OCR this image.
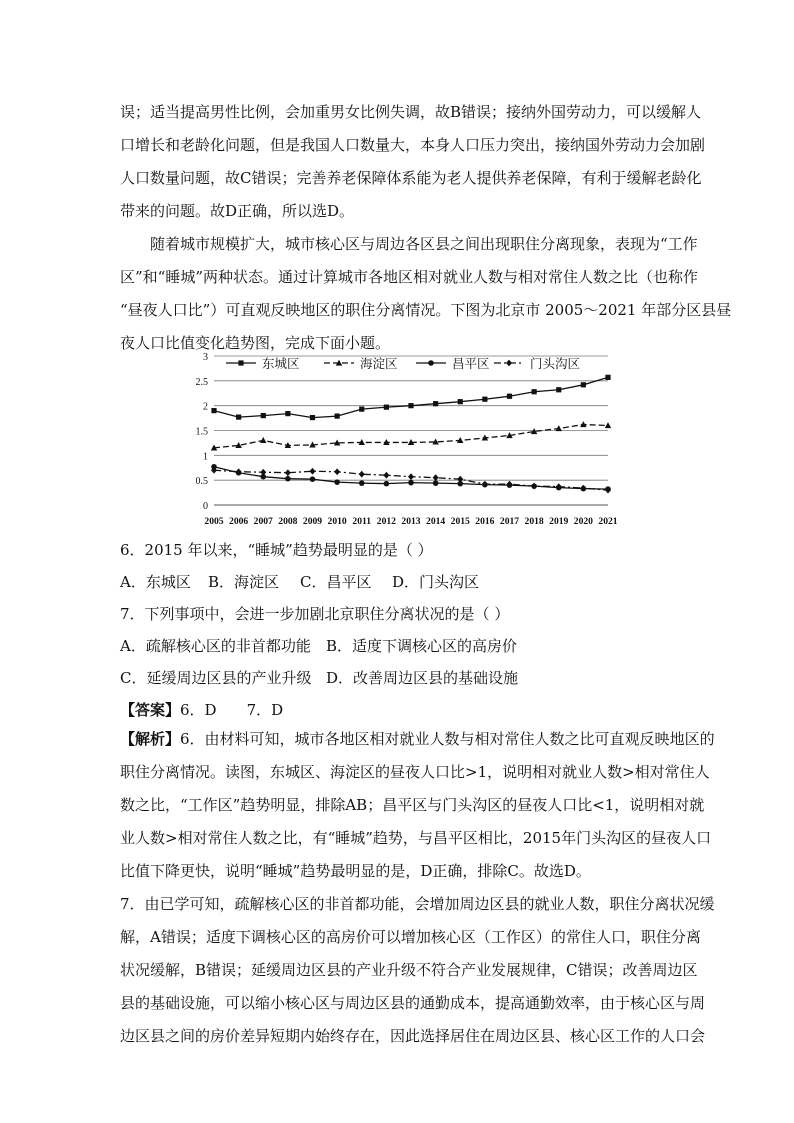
误；适当提高男性比例，会加重男女比例失调，故B错误；接纳外国劳动力，可以缓解人
口增长和老龄化问题，但是我国人口数量大，本身人口压力突出，接纳国外劳动力会加剧
人口数量问题，故C错误；完善养老保障体系能为老人提供养老保障，有利于缓解老龄化
带来的问题。故D正确，所以选D。
随着城市规模扩大，城市核心区与周边各区县之间出现职住分离现象，表现为“工作
区”和“睡城”两种状态。通过计算城市各地区相对就业人数与相对常住人数之比（也称作
“昼夜人口比”）可直观反映地区的职住分离情况。下图为北京市 2005～2021 年部分区县昼
夜人口比值变化趋势图，完成下面小题。
0
0.5
1
1.5
2
2.5
3
2005 2006 2007 2008 2009 2010 2011 2012 2013 2014 2015 2016 2017 2018 2019 2020 2021
东城区	海淀区	昌平区	门头沟区
6．2015 年以来，“睡城”趋势最明显的是（ ）
A．东城区 B．海淀区 C．昌平区 D．门头沟区
7．下列事项中，会进一步加剧北京职住分离状况的是（ ）
A．疏解核心区的非首都功能 B．适度下调核心区的高房价
C．延缓周边区县的产业升级 D．改善周边区县的基础设施
【答案】6．D　　7．D
【解析】6．由材料可知，城市各地区相对就业人数与相对常住人数之比可直观反映地区的
职住分离情况。读图，东城区、海淀区的昼夜人口比>1，说明相对就业人数>相对常住人
数之比，“工作区”趋势明显，排除AB；昌平区与门头沟区的昼夜人口比<1，说明相对就
业人数>相对常住人数之比，有“睡城”趋势，与昌平区相比，2015年门头沟区的昼夜人口
比值下降更快，说明“睡城”趋势最明显的是，D正确，排除C。故选D。
7．由已学可知，疏解核心区的非首都功能，会增加周边区县的就业人数，职住分离状况缓
解，A错误；适度下调核心区的高房价可以增加核心区（工作区）的常住人口，职住分离
状况缓解，B错误；延缓周边区县的产业升级不符合产业发展规律，C错误；改善周边区
县的基础设施，可以缩小核心区与周边区县的通勤成本，提高通勤效率，由于核心区与周
边区县之间的房价差异短期内始终存在，因此选择居住在周边区县、核心区工作的人口会
